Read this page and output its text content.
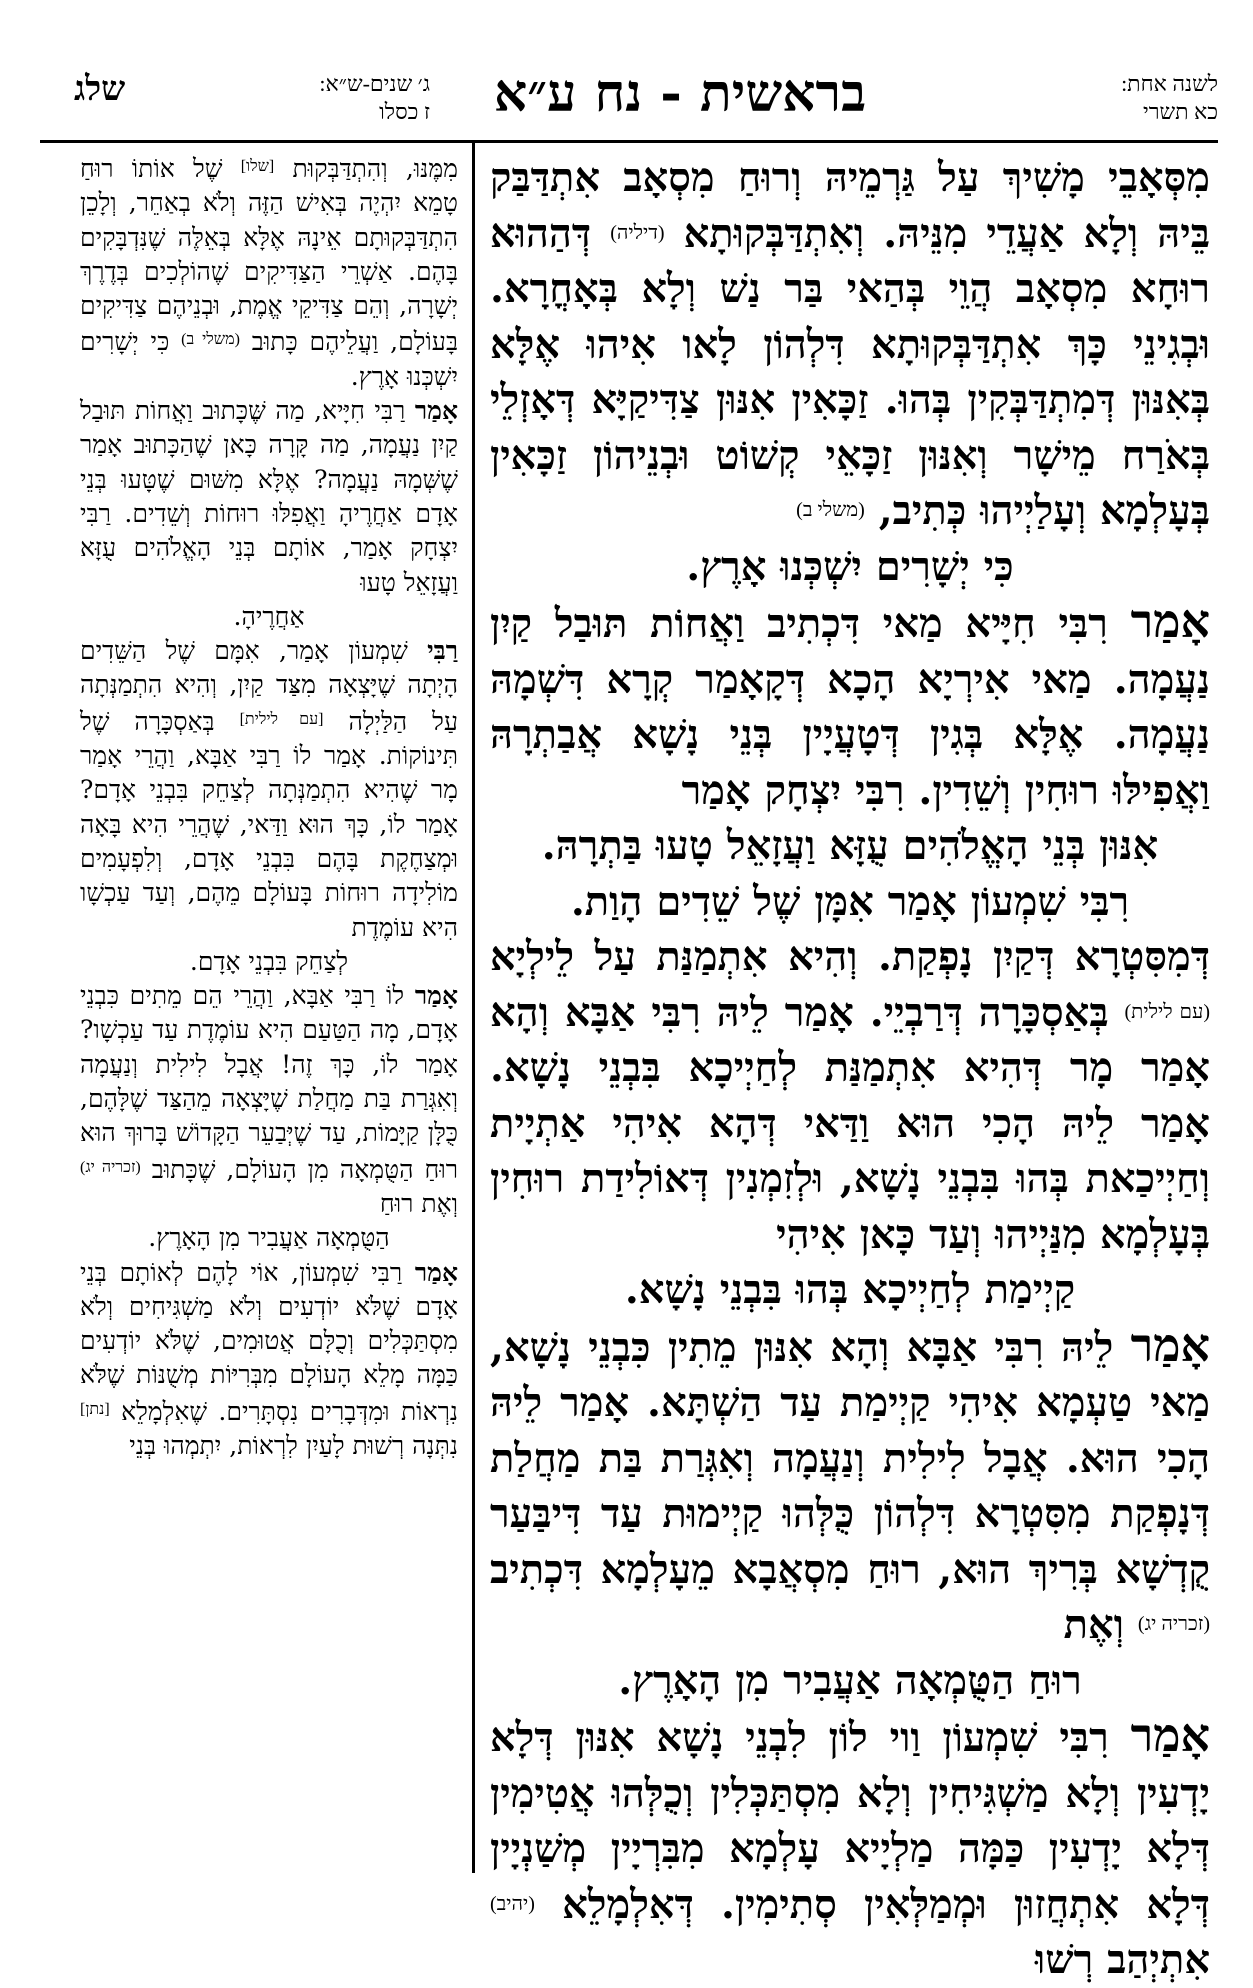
שלג	ג׳ שנים-ש״א:
ז כסלו	בראשית - נח ע״א	לשנה אחת:
כא תשרי

מִסְּאָבֵי מָשִׁיךְ עַל גַּרְמֵיהּ וְרוּחַ מִסְאָב אִתְדַּבַּק בֵּיהּ וְלָא אַעֲדֵי מִנֵּיהּ. וְאִתְדַּבְּקוּתָא $^{(דיליה)}$ דְּהַהוּא רוּחָא מִסְאָב הֲוֵי בְּהַאי בַּר נַשׁ וְלָא בְּאָחֳרָא. וּבְגִינֵי כָּךְ אִתְדַּבְּקוּתָא דִּלְהוֹן לָאו אִיהוּ אֶלָּא בְּאִנּוּן דְּמִתְדַּבְּקִין בְּהוּ. זַכָּאִין אִנּוּן צַדִּיקַיָּא דְּאָזְלֵי בְּאֹרַח מֵישָׁר וְאִנּוּן זַכָּאֵי קְשׁוֹט וּבְנֵיהוֹן זַכָּאִין בְּעָלְמָא וְעָלַיְיהוּ כְּתִיב, $^{(משלי ב)}$

כִּי יְשָׁרִים יִשְׁכְּנוּ אָרֶץ.

אָמַר רִבִּי חִיָּיא מַאי דִּכְתִיב וַאֲחוֹת תּוּבַל קַיִן נַעֲמָה. מַאי אִירְיָא הָכָא דְּקָאָמַר קְרָא דִּשְׁמָהּ נַעֲמָה. אֶלָּא בְּגִין דְּטָעֲיָין בְּנֵי נָשָׁא אֲבַתְרָהּ וַאֲפִילּוּ רוּחִין וְשֵׁדִין. רִבִּי יִצְחָק אָמַר

אִנּוּן בְּנֵי הָאֱלֹהִים עֻזָּא וַעֲזָאֵל טָעוּ בַּתְרָהּ.

רִבִּי שִׁמְעוֹן אָמַר אִמָּן שֶׁל שֵׁדִים הָוַת.

דְּמִסִּטְרָא דְּקַיִן נָפְקַת. וְהִיא אִתְמַנַּת עַל לֵילְיָא $^{(עם לילית)}$ בְּאַסְכָּרָה דְּרַבְיֵי. אָמַר לֵיהּ רִבִּי אַבָּא וְהָא אָמַר מָר דְּהִיא אִתְמַנַּת לְחַיְיכָא בִּבְנֵי נָשָׁא. אָמַר לֵיהּ הָכִי הוּא וַדַּאי דְּהָא אִיהִי אַתְיָית וְחַיְיכַאת בְּהוּ בִּבְנֵי נָשָׁא, וּלְזִמְנִין דְּאוֹלִידַת רוּחִין בְּעָלְמָא מִנַּיְיהוּ וְעַד כָּאן אִיהִי

קַיְימַת לְחַיְיכָא בְּהוּ בִּבְנֵי נָשָׁא.

אָמַר לֵיהּ רִבִּי אַבָּא וְהָא אִנּוּן מֵתִין כִּבְנֵי נָשָׁא, מַאי טַעְמָא אִיהִי קַיְימַת עַד הַשְׁתָּא. אָמַר לֵיהּ הָכִי הוּא. אֲבָל לִילִית וְנַעֲמָה וְאִגְּרַת בַּת מַחֲלַת דְּנָפְקַת מִסִּטְרָא דִּלְהוֹן כֻּלְּהוּ קַיְימוּת עַד דִּיבַּעַר קֻדְשָׁא בְּרִיךְ הוּא, רוּחַ מִסְאֲבָא מֵעָלְמָא דִּכְתִיב $^{(זכריה יג)}$ וְאֶת

רוּחַ הַטֻּמְאָה אַעֲבִיר מִן הָאָרֶץ.

אָמַר רִבִּי שִׁמְעוֹן וַוי לוֹן לִבְנֵי נָשָׁא אִנּוּן דְּלָא יָדְעִין וְלָא מַשְׁגִּיחִין וְלָא מִסְתַּכְּלִין וְכֻלְּהוּ אֲטִימִין דְּלָא יָדְעִין כַּמָּה מַלְיָיא עָלְמָא מִבִּרְיָין מְשַׁנְיָין דְּלָא אִתְחֲזוּן וּמְמַלְּאִין סְתִימִין. דְּאִלְמָלֵא $^{(יהיב)}$ אִתְיְהַב רְשׁוּ

מִמֶּנּוּ, וְהִתְדַּבְּקוּת [שלו] שֶׁל אוֹתוֹ רוּחַ טָמֵא יִהְיֶה בְּאִישׁ הַזֶּה וְלֹא בְאַחֵר, וְלָכֵן הִתְדַּבְּקוּתָם אֵינָהּ אֶלָּא בְּאֵלֶּה שֶׁנִּדְבָּקִים בָּהֶם. אַשְׁרֵי הַצַּדִּיקִים שֶׁהוֹלְכִים בְּדֶרֶךְ יְשָׁרָה, וְהֵם צַדִּיקֵי אֱמֶת, וּבְנֵיהֶם צַדִּיקִים בָּעוֹלָם, וַעֲלֵיהֶם כָּתוּב $^{(משלי ב)}$ כִּי יְשָׁרִים יִשְׁכְּנוּ אָרֶץ.

אָמַר רַבִּי חִיָּיא, מַה שֶּׁכָּתוּב וַאֲחוֹת תּוּבַל קַיִן נַעֲמָה, מַה קָּרָה כָּאן שֶׁהַכָּתוּב אָמַר שֶׁשְּׁמָהּ נַעֲמָה? אֶלָּא מִשּׁוּם שֶׁטָּעוּ בְּנֵי אָדָם אַחֲרֶיהָ וַאֲפִלּוּ רוּחוֹת וְשֵׁדִים. רַבִּי יִצְחָק אָמַר, אוֹתָם בְּנֵי הָאֱלֹהִים עֻזָּא וַעֲזָאֵל טָעוּ

אַחֲרֶיהָ.

רַבִּי שִׁמְעוֹן אָמַר, אִמָּם שֶׁל הַשֵּׁדִים הָיְתָה שֶׁיָּצְאָה מִצַּד קַיִן, וְהִיא הִתְמַנְּתָה עַל הַלַּיְלָה [עם לילית] בְּאַסְכָּרָה שֶׁל תִּינוֹקוֹת. אָמַר לוֹ רַבִּי אַבָּא, וַהֲרֵי אָמַר מָר שֶׁהִיא הִתְמַנְּתָה לְצַחֵק בִּבְנֵי אָדָם? אָמַר לוֹ, כָּךְ הוּא וַדַּאי, שֶׁהֲרֵי הִיא בָּאָה וּמְצַחֶקֶת בָּהֶם בִּבְנֵי אָדָם, וְלִפְעָמִים מוֹלִידָה רוּחוֹת בָּעוֹלָם מֵהֶם, וְעַד עַכְשָׁו הִיא עוֹמֶדֶת

לְצַחֵק בִּבְנֵי אָדָם.

אָמַר לוֹ רַבִּי אַבָּא, וַהֲרֵי הֵם מֵתִים כִּבְנֵי אָדָם, מָה הַטַּעַם הִיא עוֹמֶדֶת עַד עַכְשָׁו? אָמַר לוֹ, כָּךְ זֶה! אֲבָל לִילִית וְנַעֲמָה וְאִגְּרַת בַּת מַחֲלַת שֶׁיָּצְאָה מֵהַצַּד שֶׁלָּהֶם, כֻּלָּן קַיָּמוֹת, עַד שֶׁיְּבַעֵר הַקָּדוֹשׁ בָּרוּךְ הוּא רוּחַ הַטֻּמְאָה מִן הָעוֹלָם, שֶׁכָּתוּב $^{(זכריה יג)}$ וְאֶת רוּחַ

הַטֻּמְאָה אַעֲבִיר מִן הָאָרֶץ.

אָמַר רַבִּי שִׁמְעוֹן, אוֹי לָהֶם לְאוֹתָם בְּנֵי אָדָם שֶׁלֹּא יוֹדְעִים וְלֹא מַשְׁגִּיחִים וְלֹא מִסְתַּכְּלִים וְכֻלָּם אֲטוּמִים, שֶׁלֹּא יוֹדְעִים כַּמָּה מָלֵא הָעוֹלָם מִבְּרִיּוֹת מְשֻׁנּוֹת שֶׁלֹּא נִרְאוֹת וּמִדְּבָרִים נִסְתָּרִים. שֶׁאִלְמָלֵא [נתן] נִתְּנָה רְשׁוּת לָעַיִן לִרְאוֹת, יִתְמְהוּ בְּנֵי
